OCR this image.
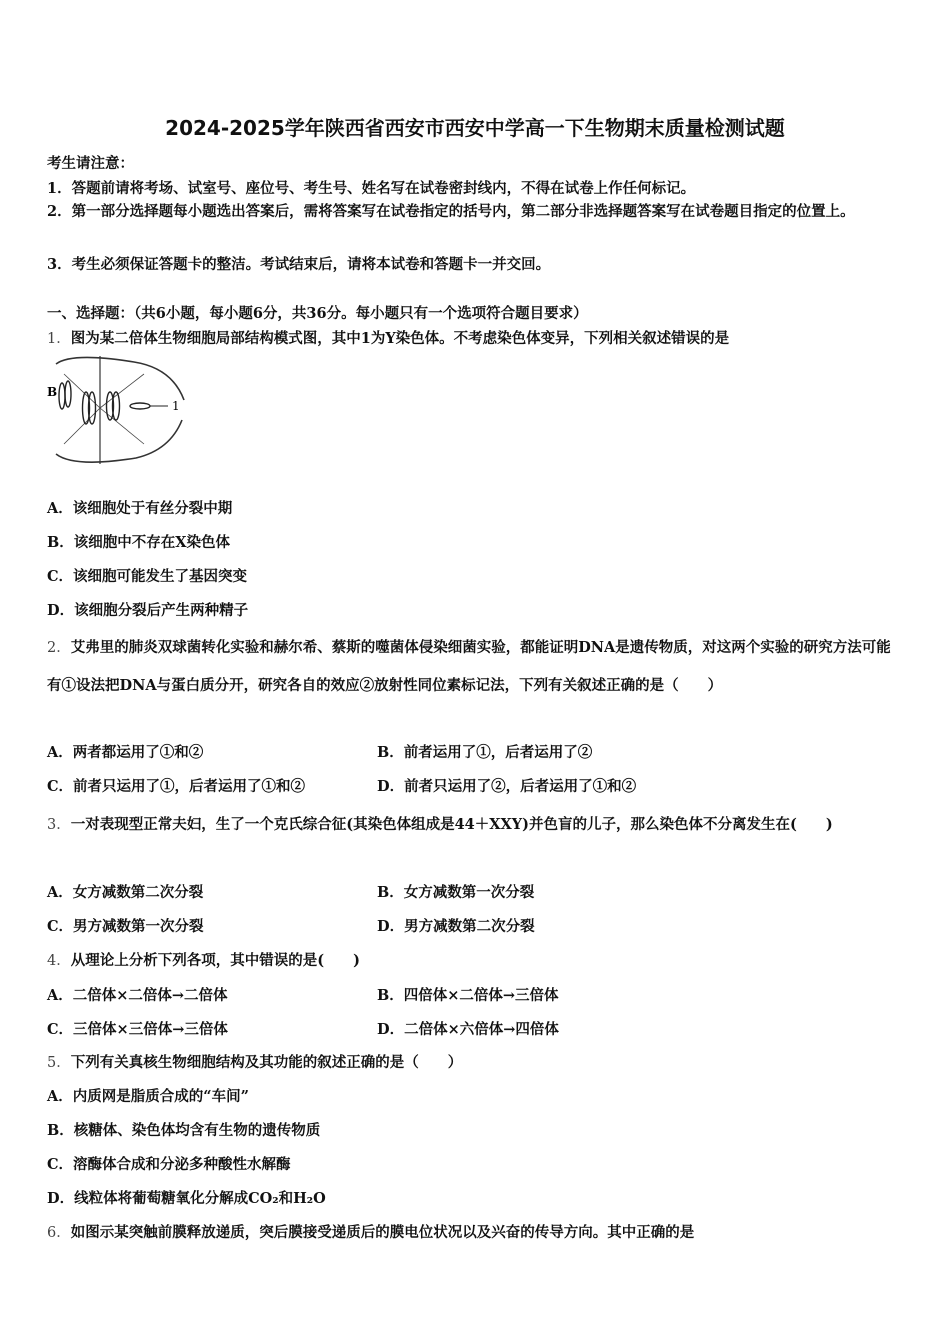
2024-2025学年陕西省西安市西安中学高一下生物期末质量检测试题
考生请注意：
1．答题前请将考场、试室号、座位号、考生号、姓名写在试卷密封线内，不得在试卷上作任何标记。
2．第一部分选择题每小题选出答案后，需将答案写在试卷指定的括号内，第二部分非选择题答案写在试卷题目指定的位置上。
3．考生必须保证答题卡的整洁。考试结束后，请将本试卷和答题卡一并交回。
一、选择题：（共6小题，每小题6分，共36分。每小题只有一个选项符合题目要求）
1．图为某二倍体生物细胞局部结构模式图，其中1为Y染色体。不考虑染色体变异，下列相关叙述错误的是
B
1
A．该细胞处于有丝分裂中期
B．该细胞中不存在X染色体
C．该细胞可能发生了基因突变
D．该细胞分裂后产生两种精子
2．艾弗里的肺炎双球菌转化实验和赫尔希、蔡斯的噬菌体侵染细菌实验，都能证明DNA是遗传物质，对这两个实验的研究方法可能有①设法把DNA与蛋白质分开，研究各自的效应②放射性同位素标记法，下列有关叙述正确的是（　　）
A．两者都运用了①和②	B．前者运用了①，后者运用了②
C．前者只运用了①，后者运用了①和②	D．前者只运用了②，后者运用了①和②
3．一对表现型正常夫妇，生了一个克氏综合征(其染色体组成是44＋XXY)并色盲的儿子，那么染色体不分离发生在(　　)
A．女方减数第二次分裂	B．女方减数第一次分裂
C．男方减数第一次分裂	D．男方减数第二次分裂
4．从理论上分析下列各项，其中错误的是(　　)
A．二倍体×二倍体→二倍体	B．四倍体×二倍体→三倍体
C．三倍体×三倍体→三倍体	D．二倍体×六倍体→四倍体
5．下列有关真核生物细胞结构及其功能的叙述正确的是（　　）
A．内质网是脂质合成的“车间”
B．核糖体、染色体均含有生物的遗传物质
C．溶酶体合成和分泌多种酸性水解酶
D．线粒体将葡萄糖氧化分解成CO₂和H₂O
6．如图示某突触前膜释放递质，突后膜接受递质后的膜电位状况以及兴奋的传导方向。其中正确的是
